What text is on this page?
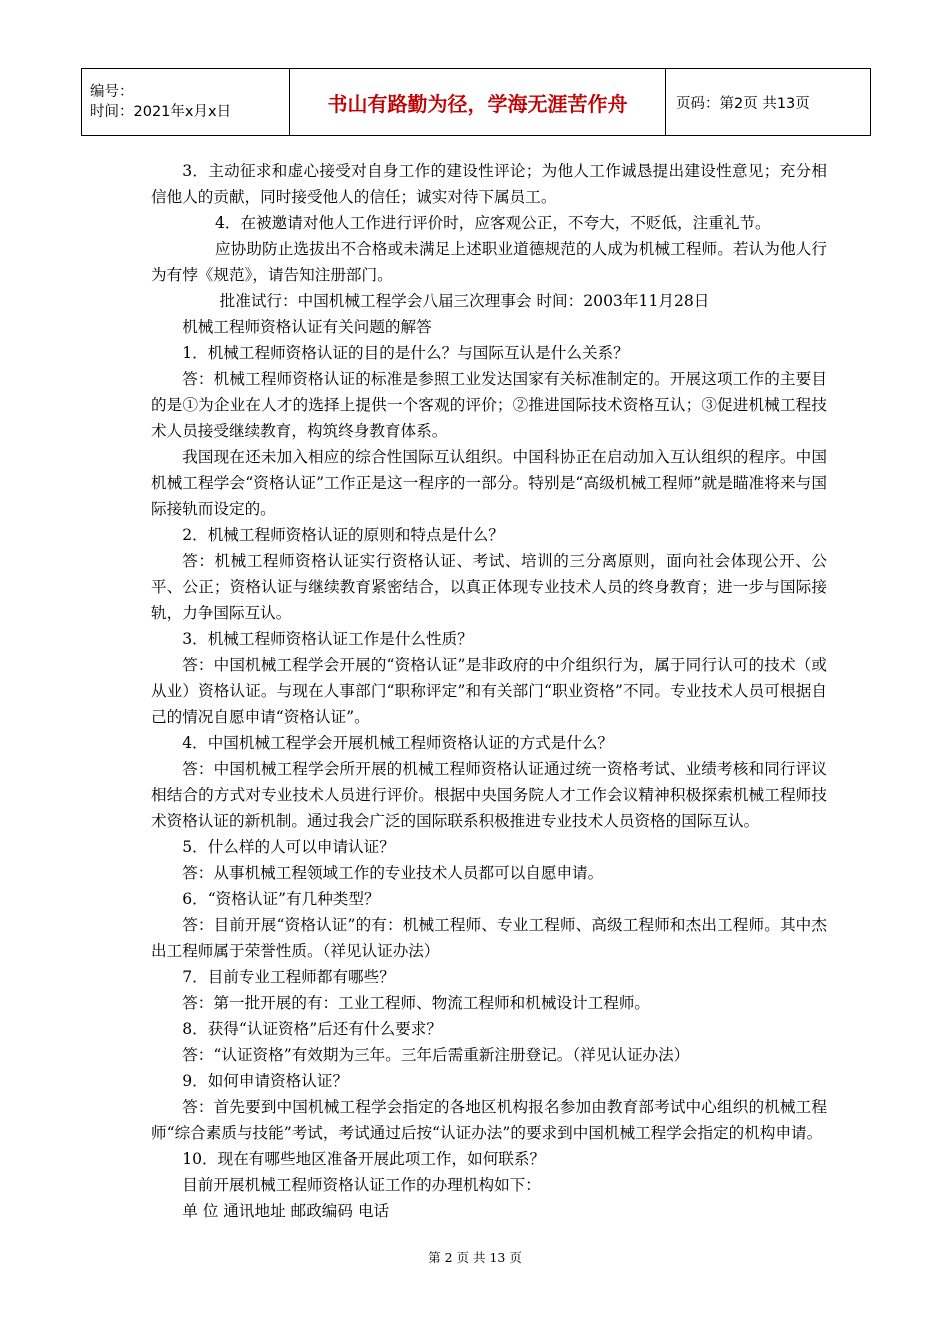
编号：
时间：2021年x月x日	书山有路勤为径，学海无涯苦作舟	页码：第2页 共13页

3．主动征求和虚心接受对自身工作的建设性评论；为他人工作诚恳提出建设性意见；充分相信他人的贡献，同时接受他人的信任；诚实对待下属员工。

4．在被邀请对他人工作进行评价时，应客观公正，不夸大，不贬低，注重礼节。

应协助防止选拔出不合格或未满足上述职业道德规范的人成为机械工程师。若认为他人行为有悖《规范》，请告知注册部门。

批准试行：中国机械工程学会八届三次理事会 时间：2003年11月28日

机械工程师资格认证有关问题的解答

1．机械工程师资格认证的目的是什么？与国际互认是什么关系？

答：机械工程师资格认证的标准是参照工业发达国家有关标准制定的。开展这项工作的主要目的是①为企业在人才的选择上提供一个客观的评价；②推进国际技术资格互认；③促进机械工程技术人员接受继续教育，构筑终身教育体系。

我国现在还未加入相应的综合性国际互认组织。中国科协正在启动加入互认组织的程序。中国机械工程学会“资格认证”工作正是这一程序的一部分。特别是“高级机械工程师”就是瞄准将来与国际接轨而设定的。

2．机械工程师资格认证的原则和特点是什么？

答：机械工程师资格认证实行资格认证、考试、培训的三分离原则，面向社会体现公开、公平、公正；资格认证与继续教育紧密结合，以真正体现专业技术人员的终身教育；进一步与国际接轨，力争国际互认。

3．机械工程师资格认证工作是什么性质？

答：中国机械工程学会开展的“资格认证”是非政府的中介组织行为，属于同行认可的技术（或从业）资格认证。与现在人事部门“职称评定”和有关部门“职业资格”不同。专业技术人员可根据自己的情况自愿申请“资格认证”。

4．中国机械工程学会开展机械工程师资格认证的方式是什么？

答：中国机械工程学会所开展的机械工程师资格认证通过统一资格考试、业绩考核和同行评议相结合的方式对专业技术人员进行评价。根据中央国务院人才工作会议精神积极探索机械工程师技术资格认证的新机制。通过我会广泛的国际联系积极推进专业技术人员资格的国际互认。

5．什么样的人可以申请认证？

答：从事机械工程领域工作的专业技术人员都可以自愿申请。

6．“资格认证”有几种类型？

答：目前开展“资格认证”的有：机械工程师、专业工程师、高级工程师和杰出工程师。其中杰出工程师属于荣誉性质。（祥见认证办法）

7．目前专业工程师都有哪些？

答：第一批开展的有：工业工程师、物流工程师和机械设计工程师。

8．获得“认证资格”后还有什么要求？

答：“认证资格”有效期为三年。三年后需重新注册登记。（祥见认证办法）

9．如何申请资格认证？

答：首先要到中国机械工程学会指定的各地区机构报名参加由教育部考试中心组织的机械工程师“综合素质与技能”考试，考试通过后按“认证办法”的要求到中国机械工程学会指定的机构申请。

10．现在有哪些地区准备开展此项工作，如何联系？

目前开展机械工程师资格认证工作的办理机构如下：

单 位 通讯地址 邮政编码 电话

第 2 页 共 13 页
